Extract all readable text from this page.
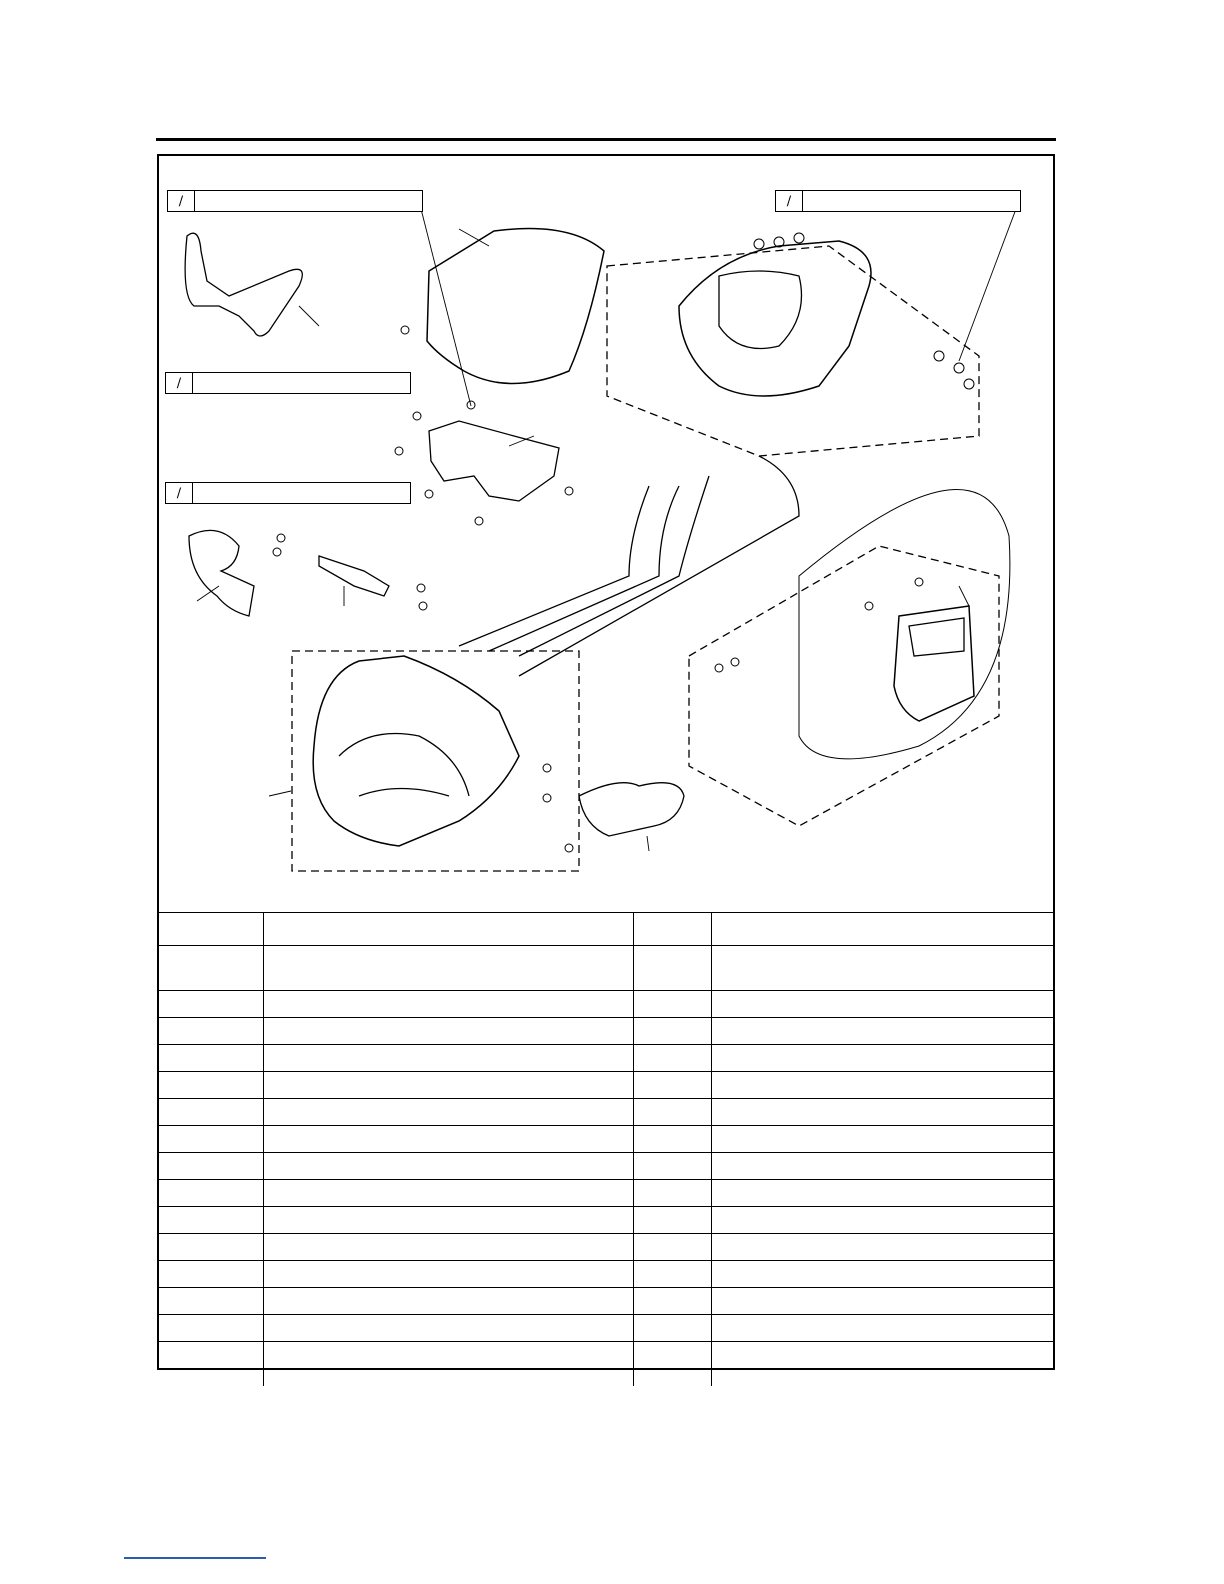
∕
∕
∕
∕
